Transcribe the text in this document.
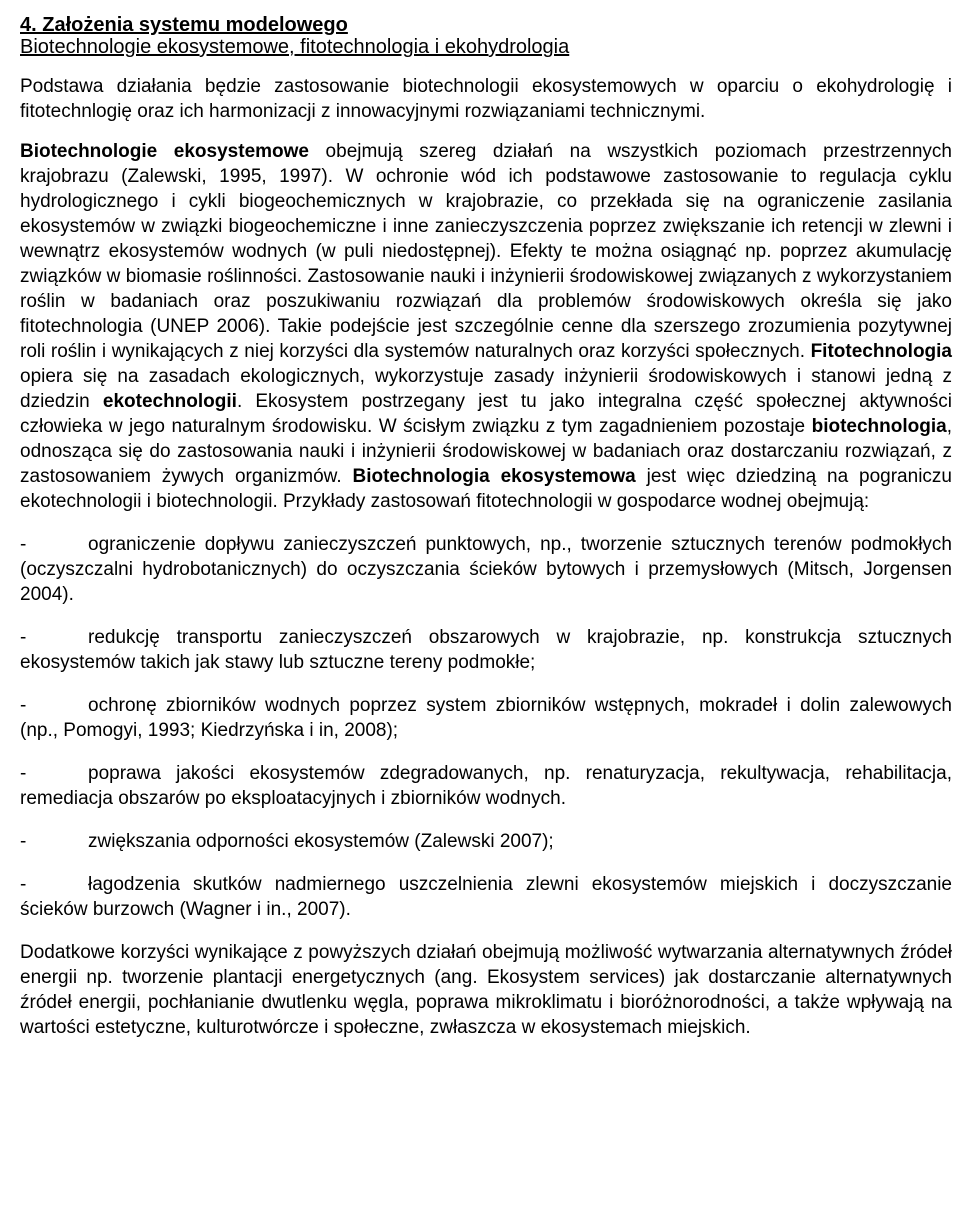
4. Założenia systemu modelowego
Biotechnologie ekosystemowe, fitotechnologia i ekohydrologia

Podstawa działania będzie zastosowanie biotechnologii ekosystemowych w oparciu o ekohydrologię i fitotechnlogię oraz ich harmonizacji z innowacyjnymi rozwiązaniami technicznymi.

Biotechnologie ekosystemowe obejmują szereg działań na wszystkich poziomach przestrzennych krajobrazu (Zalewski, 1995, 1997). W ochronie wód ich podstawowe zastosowanie to regulacja cyklu hydrologicznego i cykli biogeochemicznych w krajobrazie, co przekłada się na ograniczenie zasilania ekosystemów w związki biogeochemiczne i inne zanieczyszczenia poprzez zwiększanie ich retencji w zlewni i wewnątrz ekosystemów wodnych (w puli niedostępnej). Efekty te można osiągnąć np. poprzez akumulację związków w biomasie roślinności. Zastosowanie nauki i inżynierii środowiskowej związanych z wykorzystaniem roślin w badaniach oraz poszukiwaniu rozwiązań dla problemów środowiskowych określa się jako fitotechnologia (UNEP 2006). Takie podejście jest szczególnie cenne dla szerszego zrozumienia pozytywnej roli roślin i wynikających z niej korzyści dla systemów naturalnych oraz korzyści społecznych. Fitotechnologia opiera się na zasadach ekologicznych, wykorzystuje zasady inżynierii środowiskowych i stanowi jedną z dziedzin ekotechnologii. Ekosystem postrzegany jest tu jako integralna część społecznej aktywności człowieka w jego naturalnym środowisku. W ścisłym związku z tym zagadnieniem pozostaje biotechnologia, odnosząca się do zastosowania nauki i inżynierii środowiskowej w badaniach oraz dostarczaniu rozwiązań, z zastosowaniem żywych organizmów. Biotechnologia ekosystemowa jest więc dziedziną na pograniczu ekotechnologii i biotechnologii. Przykłady zastosowań fitotechnologii w gospodarce wodnej obejmują:

-	ograniczenie dopływu zanieczyszczeń punktowych, np., tworzenie sztucznych terenów podmokłych (oczyszczalni hydrobotanicznych) do oczyszczania ścieków bytowych i przemysłowych (Mitsch, Jorgensen 2004).

-	redukcję transportu zanieczyszczeń obszarowych w krajobrazie, np. konstrukcja sztucznych ekosystemów takich jak stawy lub sztuczne tereny podmokłe;

-	ochronę zbiorników wodnych poprzez system zbiorników wstępnych, mokradeł i dolin zalewowych (np., Pomogyi, 1993; Kiedrzyńska i in, 2008);

-	poprawa jakości ekosystemów zdegradowanych, np. renaturyzacja, rekultywacja, rehabilitacja, remediacja obszarów po eksploatacyjnych i zbiorników wodnych.

-	zwiększania odporności ekosystemów (Zalewski 2007);

-	łagodzenia skutków nadmiernego uszczelnienia zlewni ekosystemów miejskich i doczyszczanie ścieków burzowch (Wagner i in., 2007).

Dodatkowe korzyści wynikające z powyższych działań obejmują możliwość wytwarzania alternatywnych źródeł energii np. tworzenie plantacji energetycznych (ang. Ekosystem services) jak dostarczanie alternatywnych źródeł energii, pochłanianie dwutlenku węgla, poprawa mikroklimatu i bioróżnorodności, a także wpływają na wartości estetyczne, kulturotwórcze i społeczne, zwłaszcza w ekosystemach miejskich.
